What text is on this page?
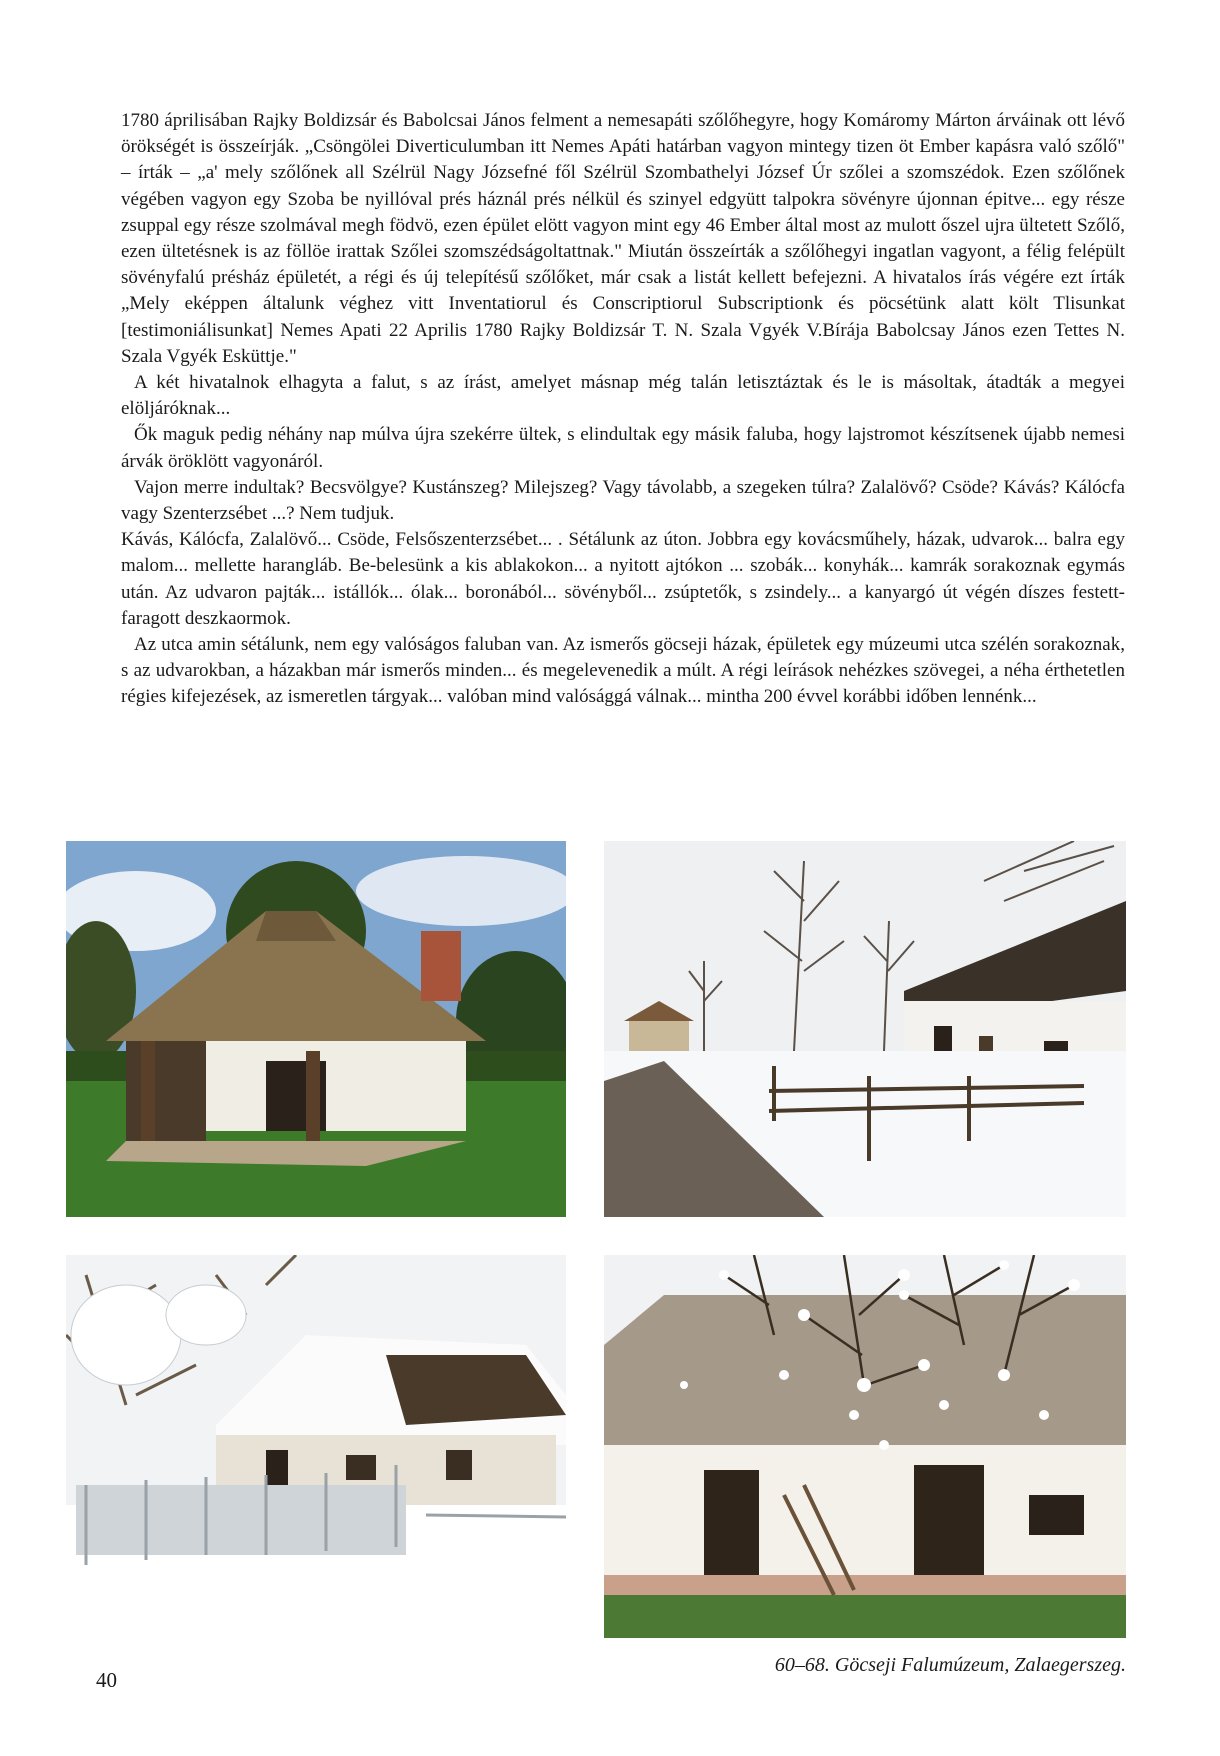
1780 áprilisában Rajky Boldizsár és Babolcsai János felment a nemesapáti szőlőhegyre, hogy Komáromy Márton árváinak ott lévő örökségét is összeírják. „Csöngölei Diverticulumban itt Nemes Apáti határban vagyon mintegy tizen öt Ember kapásra való szőlő" – írták – „a' mely szőlőnek all Szélrül Nagy Józsefné fől Szélrül Szombathelyi József Úr szőlei a szomszédok. Ezen szőlőnek végében vagyon egy Szoba be nyillóval prés háznál prés nélkül és szinyel edgyütt talpokra sövényre újonnan épitve... egy része zsuppal egy része szolmával megh födvö, ezen épület elött vagyon mint egy 46 Ember által most az mulott őszel ujra ültetett Szőlő, ezen ültetésnek is az föllöe irattak Szőlei szomszédságoltattnak." Miután összeírták a szőlőhegyi ingatlan vagyont, a félig felépült sövényfalú présház épületét, a régi és új telepítésű szőlőket, már csak a listát kellett befejezni. A hivatalos írás végére ezt írták „Mely eképpen általunk véghez vitt Inventatiorul és Conscriptiorul Subscriptionk és pöcsétünk alatt költ Tlisunkat [testimoniálisunkat] Nemes Apati 22 Aprilis 1780 Rajky Boldizsár T. N. Szala Vgyék V.Bírája Babolcsay János ezen Tettes N. Szala Vgyék Esküttje."

A két hivatalnok elhagyta a falut, s az írást, amelyet másnap még talán letisztáztak és le is másoltak, átadták a megyei elöljáróknak...

Ők maguk pedig néhány nap múlva újra szekérre ültek, s elindultak egy másik faluba, hogy lajstromot készítsenek újabb nemesi árvák öröklött vagyonáról.

Vajon merre indultak? Becsvölgye? Kustánszeg? Milejszeg? Vagy távolabb, a szegeken túlra? Zalalövő? Csöde? Kávás? Kálócfa vagy Szenterzsébet ...? Nem tudjuk.

Kávás, Kálócfa, Zalalövő... Csöde, Felsőszenterzsébet... . Sétálunk az úton. Jobbra egy kovácsműhely, házak, udvarok... balra egy malom... mellette harangláb. Be-belesünk a kis ablakokon... a nyitott ajtókon ... szobák... konyhák... kamrák sorakoznak egymás után. Az udvaron pajták... istállók... ólak... boronából... sövényből... zsúptetők, s zsindely... a kanyargó út végén díszes festett-faragott deszkaormok.

Az utca amin sétálunk, nem egy valóságos faluban van. Az ismerős göcseji házak, épületek egy múzeumi utca szélén sorakoznak, s az udvarokban, a házakban már ismerős minden... és megelevenedik a múlt. A régi leírások nehézkes szövegei, a néha érthetetlen régies kifejezések, az ismeretlen tárgyak... valóban mind valósággá válnak... mintha 200 évvel korábbi időben lennénk...

40
60–68. Göcseji Falumúzeum, Zalaegerszeg.
